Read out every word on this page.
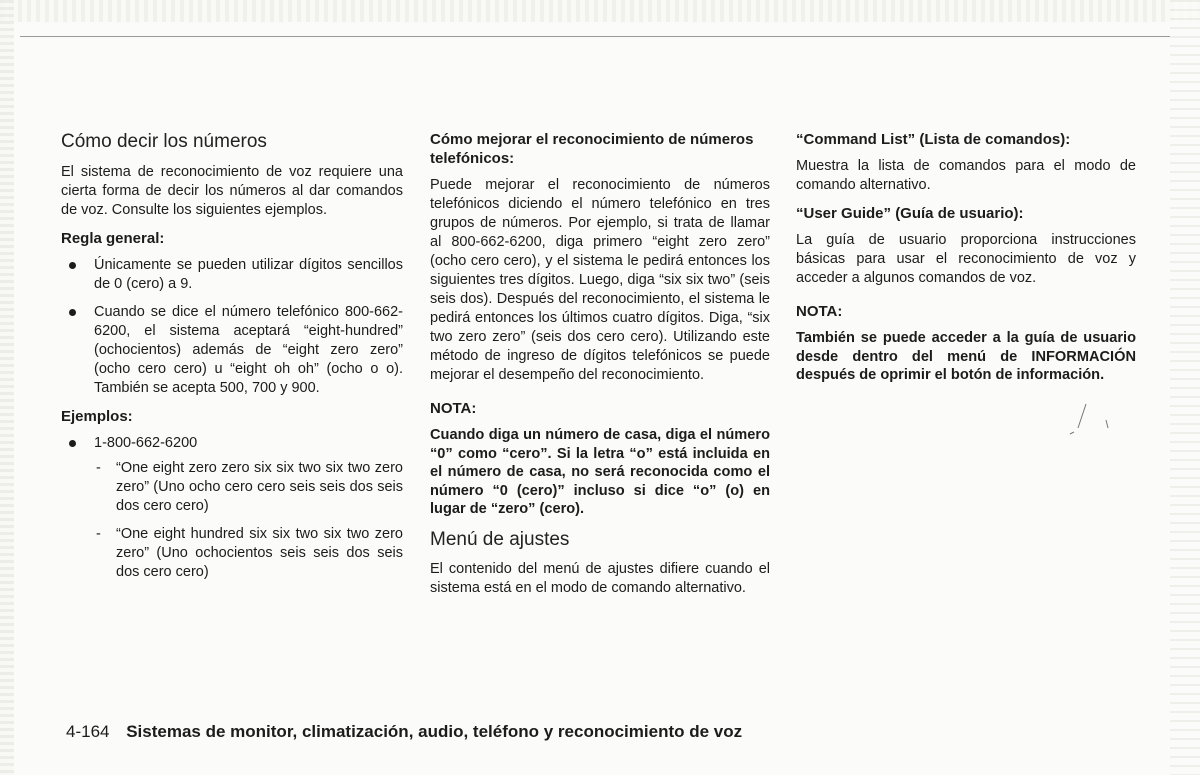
Cómo decir los números

El sistema de reconocimiento de voz requiere una cierta forma de decir los números al dar comandos de voz. Consulte los siguientes ejemplos.

Regla general:
Únicamente se pueden utilizar dígitos sencillos de 0 (cero) a 9.
Cuando se dice el número telefónico 800-662-6200, el sistema aceptará “eight-hundred” (ochocientos) además de “eight zero zero” (ocho cero cero) u “eight oh oh” (ocho o o). También se acepta 500, 700 y 900.
Ejemplos:
1-800-662-6200
- “One eight zero zero six six two six two zero zero” (Uno ocho cero cero seis seis dos seis dos cero cero)
- “One eight hundred six six two six two zero zero” (Uno ochocientos seis seis dos seis dos cero cero)
Cómo mejorar el reconocimiento de números telefónicos:

Puede mejorar el reconocimiento de números telefónicos diciendo el número telefónico en tres grupos de números. Por ejemplo, si trata de llamar al 800-662-6200, diga primero “eight zero zero” (ocho cero cero), y el sistema le pedirá entonces los siguientes tres dígitos. Luego, diga “six six two” (seis seis dos). Después del reconocimiento, el sistema le pedirá entonces los últimos cuatro dígitos. Diga, “six two zero zero” (seis dos cero cero). Utilizando este método de ingreso de dígitos telefónicos se puede mejorar el desempeño del reconocimiento.

NOTA:

Cuando diga un número de casa, diga el número “0” como “cero”. Si la letra “o” está incluida en el número de casa, no será reconocida como el número “0 (cero)” incluso si dice “o” (o) en lugar de “zero” (cero).

Menú de ajustes

El contenido del menú de ajustes difiere cuando el sistema está en el modo de comando alternativo.

“Command List” (Lista de comandos):

Muestra la lista de comandos para el modo de comando alternativo.

“User Guide” (Guía de usuario):

La guía de usuario proporciona instrucciones básicas para usar el reconocimiento de voz y acceder a algunos comandos de voz.

NOTA:

También se puede acceder a la guía de usuario desde dentro del menú de INFORMACIÓN después de oprimir el botón de información.

4-164 Sistemas de monitor, climatización, audio, teléfono y reconocimiento de voz
